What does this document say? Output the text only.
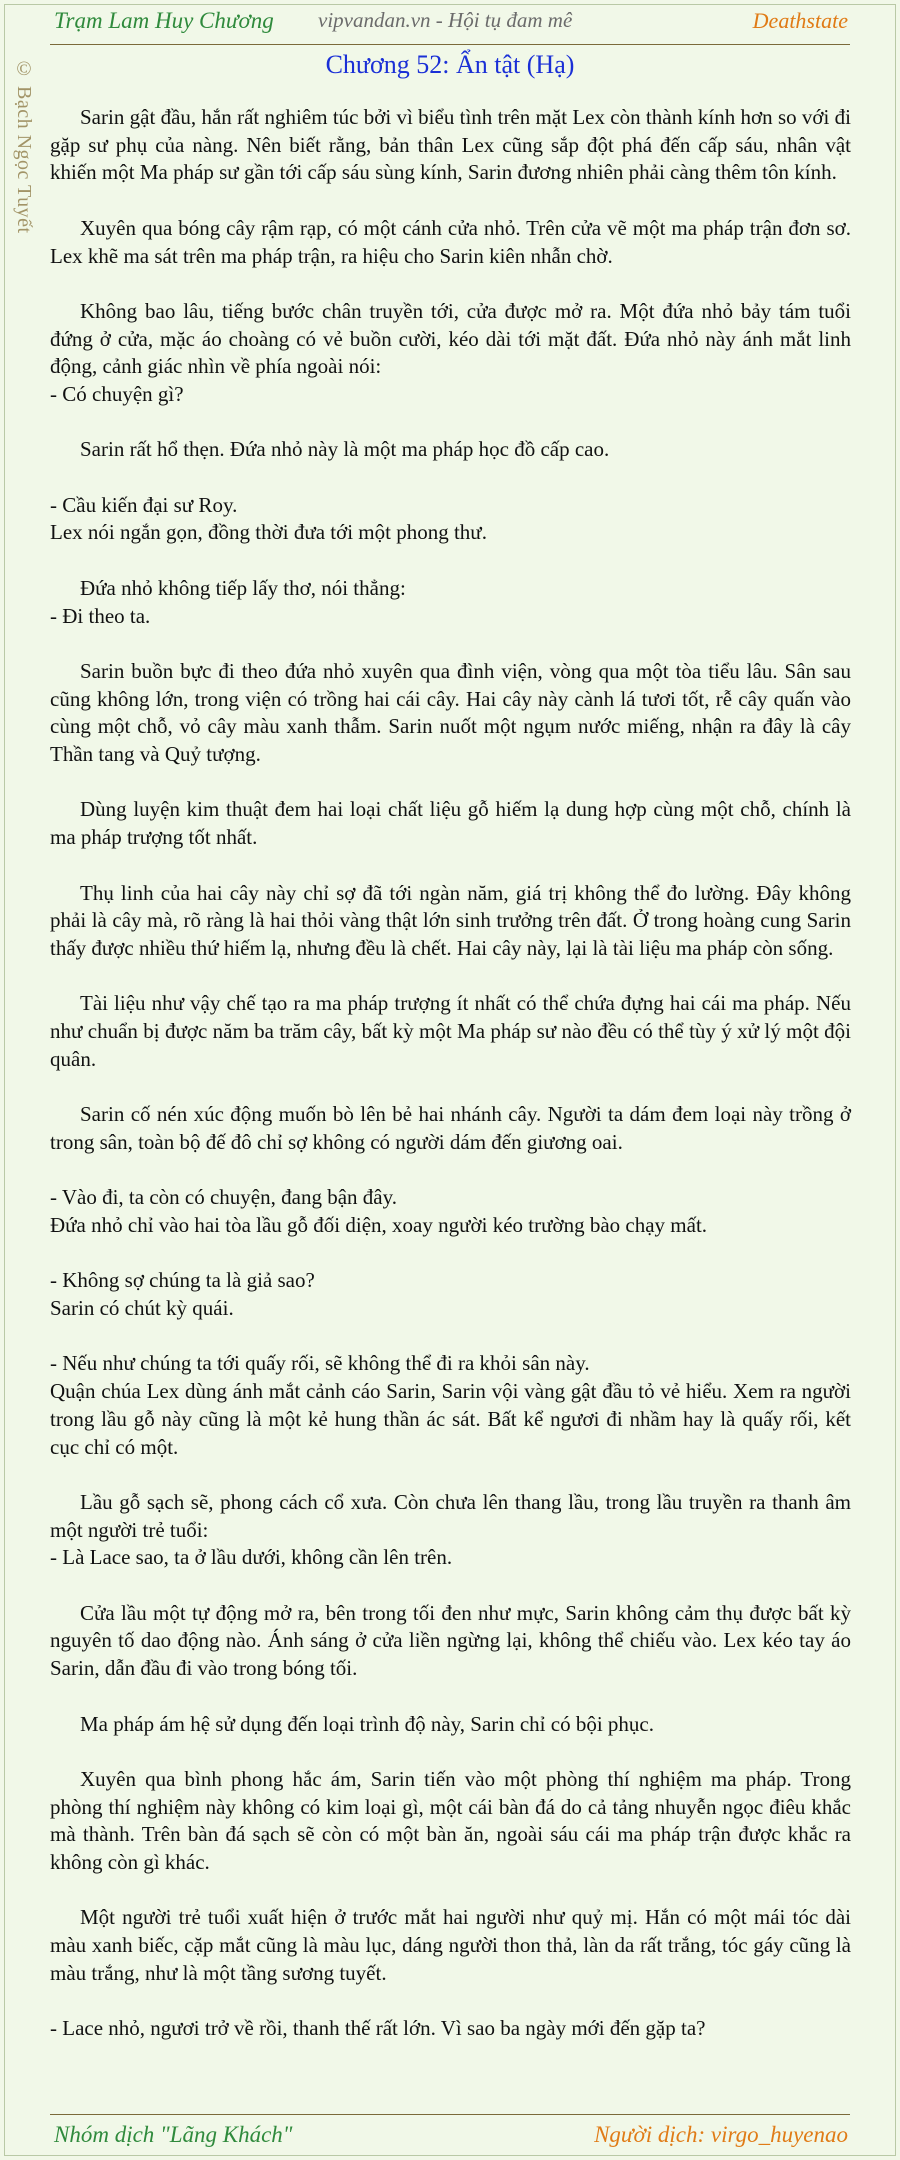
Trạm Lam Huy Chương vipvandan.vn - Hội tụ đam mê	Deathstate
© Bạch Ngọc Tuyết	Chương 52: Ẩn tật (Hạ)
Sarin gật đầu, hắn rất nghiêm túc bởi vì biểu tình trên mặt Lex còn thành kính hơn so với đi gặp sư phụ của nàng. Nên biết rằng, bản thân Lex cũng sắp đột phá đến cấp sáu, nhân vật khiến một Ma pháp sư gần tới cấp sáu sùng kính, Sarin đương nhiên phải càng thêm tôn kính.
Xuyên qua bóng cây rậm rạp, có một cánh cửa nhỏ. Trên cửa vẽ một ma pháp trận đơn sơ. Lex khẽ ma sát trên ma pháp trận, ra hiệu cho Sarin kiên nhẫn chờ.
Không bao lâu, tiếng bước chân truyền tới, cửa được mở ra. Một đứa nhỏ bảy tám tuổi đứng ở cửa, mặc áo choàng có vẻ buồn cười, kéo dài tới mặt đất. Đứa nhỏ này ánh mắt linh động, cảnh giác nhìn về phía ngoài nói:
- Có chuyện gì?
Sarin rất hổ thẹn. Đứa nhỏ này là một ma pháp học đồ cấp cao.
- Cầu kiến đại sư Roy.
Lex nói ngắn gọn, đồng thời đưa tới một phong thư.
Đứa nhỏ không tiếp lấy thơ, nói thẳng:
- Đi theo ta.
Sarin buồn bực đi theo đứa nhỏ xuyên qua đình viện, vòng qua một tòa tiểu lâu. Sân sau cũng không lớn, trong viện có trồng hai cái cây. Hai cây này cành lá tươi tốt, rễ cây quấn vào cùng một chỗ, vỏ cây màu xanh thẫm. Sarin nuốt một ngụm nước miếng, nhận ra đây là cây Thần tang và Quỷ tượng.
Dùng luyện kim thuật đem hai loại chất liệu gỗ hiếm lạ dung hợp cùng một chỗ, chính là ma pháp trượng tốt nhất.
Thụ linh của hai cây này chỉ sợ đã tới ngàn năm, giá trị không thể đo lường. Đây không phải là cây mà, rõ ràng là hai thỏi vàng thật lớn sinh trưởng trên đất. Ở trong hoàng cung Sarin thấy được nhiều thứ hiếm lạ, nhưng đều là chết. Hai cây này, lại là tài liệu ma pháp còn sống.
Tài liệu như vậy chế tạo ra ma pháp trượng ít nhất có thể chứa đựng hai cái ma pháp. Nếu như chuẩn bị được năm ba trăm cây, bất kỳ một Ma pháp sư nào đều có thể tùy ý xử lý một đội quân.
Sarin cố nén xúc động muốn bò lên bẻ hai nhánh cây. Người ta dám đem loại này trồng ở trong sân, toàn bộ đế đô chỉ sợ không có người dám đến giương oai.
- Vào đi, ta còn có chuyện, đang bận đây.
Đứa nhỏ chỉ vào hai tòa lầu gỗ đối diện, xoay người kéo trường bào chạy mất.
- Không sợ chúng ta là giả sao?
Sarin có chút kỳ quái.
- Nếu như chúng ta tới quấy rối, sẽ không thể đi ra khỏi sân này.
Quận chúa Lex dùng ánh mắt cảnh cáo Sarin, Sarin vội vàng gật đầu tỏ vẻ hiểu. Xem ra người trong lầu gỗ này cũng là một kẻ hung thần ác sát. Bất kể ngươi đi nhầm hay là quấy rối, kết cục chỉ có một.
Lầu gỗ sạch sẽ, phong cách cổ xưa. Còn chưa lên thang lầu, trong lầu truyền ra thanh âm một người trẻ tuổi:
- Là Lace sao, ta ở lầu dưới, không cần lên trên.
Cửa lầu một tự động mở ra, bên trong tối đen như mực, Sarin không cảm thụ được bất kỳ nguyên tố dao động nào. Ánh sáng ở cửa liền ngừng lại, không thể chiếu vào. Lex kéo tay áo Sarin, dẫn đầu đi vào trong bóng tối.
Ma pháp ám hệ sử dụng đến loại trình độ này, Sarin chỉ có bội phục.
Xuyên qua bình phong hắc ám, Sarin tiến vào một phòng thí nghiệm ma pháp. Trong phòng thí nghiệm này không có kim loại gì, một cái bàn đá do cả tảng nhuyễn ngọc điêu khắc mà thành. Trên bàn đá sạch sẽ còn có một bàn ăn, ngoài sáu cái ma pháp trận được khắc ra không còn gì khác.
Một người trẻ tuổi xuất hiện ở trước mắt hai người như quỷ mị. Hắn có một mái tóc dài màu xanh biếc, cặp mắt cũng là màu lục, dáng người thon thả, làn da rất trắng, tóc gáy cũng là màu trắng, như là một tầng sương tuyết.
- Lace nhỏ, ngươi trở về rồi, thanh thế rất lớn. Vì sao ba ngày mới đến gặp ta?
Nhóm dịch "Lãng Khách"	Người dịch: virgo_huyenao
